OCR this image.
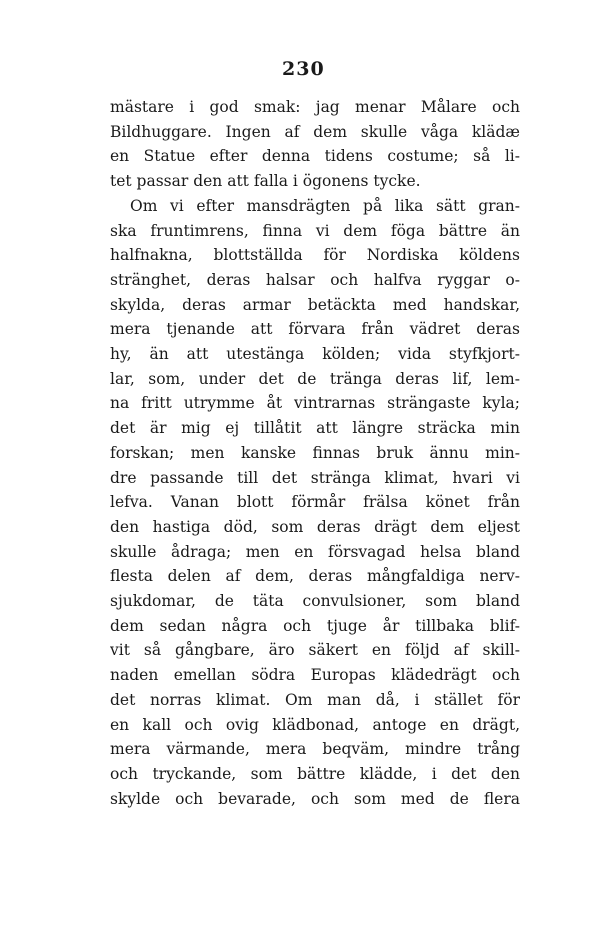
230
mästare i god smak: jag menar Målare och
Bildhuggare. Ingen af dem skulle våga klädæ
en Statue efter denna tidens costume; så li-
tet passar den att falla i ögonens tycke.
Om vi efter mansdrägten på lika sätt gran-
ska fruntimrens, finna vi dem föga bättre än
halfnakna, blottställda för Nordiska köldens
stränghet, deras halsar och halfva ryggar o-
skylda, deras armar betäckta med handskar,
mera tjenande att förvara från vädret deras
hy, än att utestänga kölden; vida styfkjort-
lar, som, under det de tränga deras lif, lem-
na fritt utrymme åt vintrarnas strängaste kyla;
det är mig ej tillåtit att längre sträcka min
forskan; men kanske finnas bruk ännu min-
dre passande till det stränga klimat, hvari vi
lefva. Vanan blott förmår frälsa könet från
den hastiga död, som deras drägt dem eljest
skulle ådraga; men en försvagad helsa bland
flesta delen af dem, deras mångfaldiga nerv-
sjukdomar, de täta convulsioner, som bland
dem sedan några och tjuge år tillbaka blif-
vit så gångbare, äro säkert en följd af skill-
naden emellan södra Europas klädedrägt och
det norras klimat. Om man då, i stället för
en kall och ovig klädbonad, antoge en drägt,
mera värmande, mera beqväm, mindre trång
och tryckande, som bättre klädde, i det den
skylde och bevarade, och som med de flera
